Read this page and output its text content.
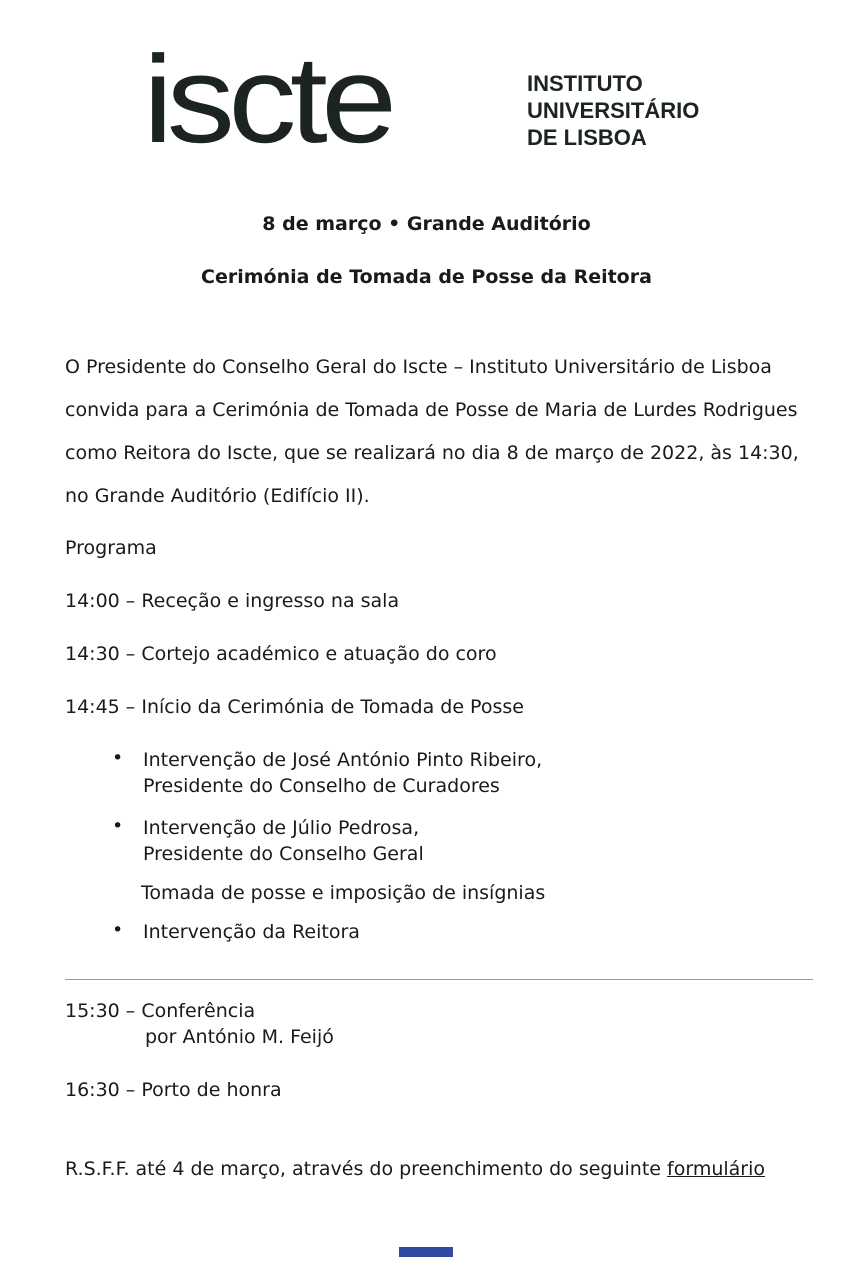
iscte	INSTITUTO
UNIVERSITÁRIO
DE LISBOA
8 de março • Grande Auditório
Cerimónia de Tomada de Posse da Reitora
O Presidente do Conselho Geral do Iscte – Instituto Universitário de Lisboa
convida para a Cerimónia de Tomada de Posse de Maria de Lurdes Rodrigues
como Reitora do Iscte, que se realizará no dia 8 de março de 2022, às 14:30,
no Grande Auditório (Edifício II).
Programa
14:00 – Receção e ingresso na sala
14:30 – Cortejo académico e atuação do coro
14:45 – Início da Cerimónia de Tomada de Posse
• Intervenção de José António Pinto Ribeiro,
Presidente do Conselho de Curadores
• Intervenção de Júlio Pedrosa,
Presidente do Conselho Geral
Tomada de posse e imposição de insígnias
• Intervenção da Reitora
15:30 – Conferência
por António M. Feijó
16:30 – Porto de honra
R.S.F.F. até 4 de março, através do preenchimento do seguinte formulário
